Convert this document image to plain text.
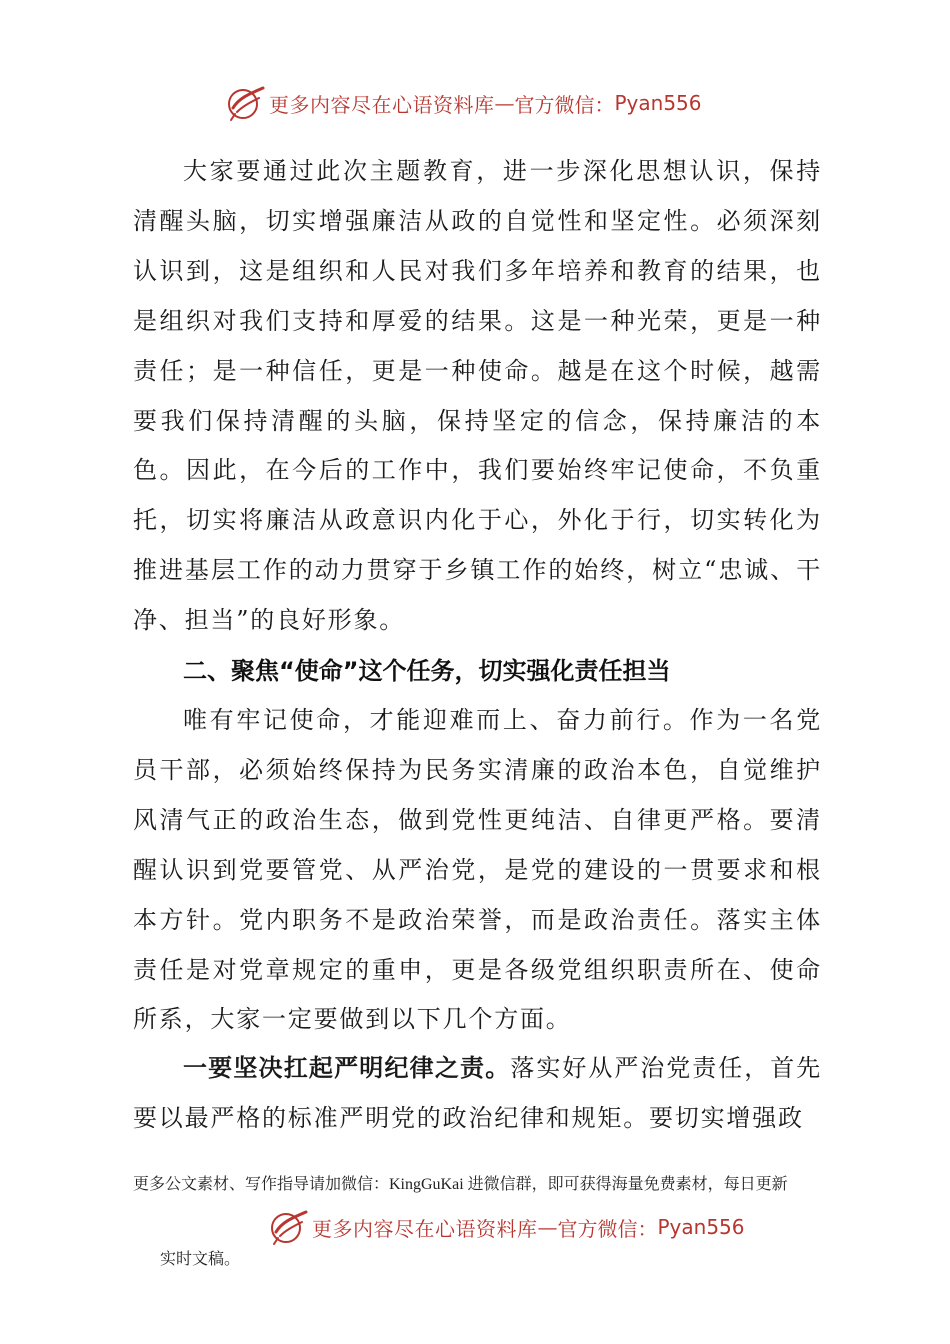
更多内容尽在心语资料库 — 官方微信： Pyan556
大家要通过此次主题教育，进一步深化思想认识，保持清醒头脑，切实增强廉洁从政的自觉性和坚定性。必须深刻认识到，这是组织和人民对我们多年培养和教育的结果，也是组织对我们支持和厚爱的结果。这是一种光荣，更是一种责任；是一种信任，更是一种使命。越是在这个时候，越需要我们保持清醒的头脑，保持坚定的信念，保持廉洁的本色。因此，在今后的工作中，我们要始终牢记使命，不负重托，切实将廉洁从政意识内化于心，外化于行，切实转化为推进基层工作的动力贯穿于乡镇工作的始终，树立“忠诚、干净、担当”的良好形象。
二、聚焦“使命”这个任务，切实强化责任担当
唯有牢记使命，才能迎难而上、奋力前行。作为一名党员干部，必须始终保持为民务实清廉的政治本色，自觉维护风清气正的政治生态，做到党性更纯洁、自律更严格。要清醒认识到党要管党、从严治党，是党的建设的一贯要求和根本方针。党内职务不是政治荣誉，而是政治责任。落实主体责任是对党章规定的重申，更是各级党组织职责所在、使命所系，大家一定要做到以下几个方面。
一要坚决扛起严明纪律之责。落实好从严治党责任，首先要以最严格的标准严明党的政治纪律和规矩。要切实增强政
更多公文素材、写作指导请加微信：KingGuKai 进微信群，即可获得海量免费素材，每日更新
更多内容尽在心语资料库 — 官方微信： Pyan556
实时文稿。
